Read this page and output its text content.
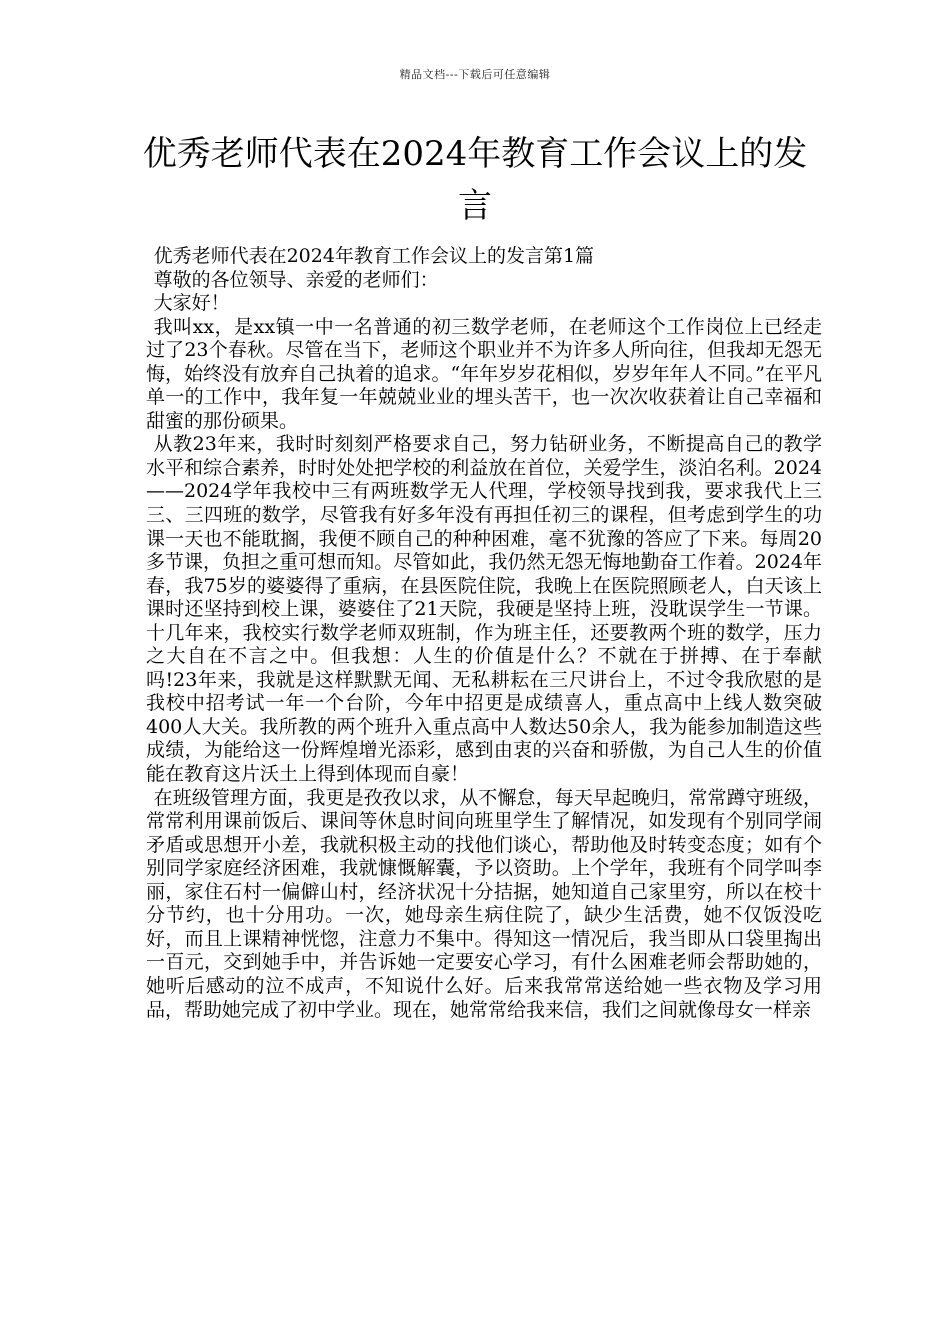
精品文档---下载后可任意编辑
优秀老师代表在2024年教育工作会议上的发言

优秀老师代表在2024年教育工作会议上的发言第1篇

尊敬的各位领导、亲爱的老师们：

大家好！

我叫xx，是xx镇一中一名普通的初三数学老师，在老师这个工作岗位上已经走过了23个春秋。尽管在当下，老师这个职业并不为许多人所向往，但我却无怨无悔，始终没有放弃自己执着的追求。“年年岁岁花相似，岁岁年年人不同。”在平凡单一的工作中，我年复一年兢兢业业的埋头苦干，也一次次收获着让自己幸福和甜蜜的那份硕果。

从教23年来，我时时刻刻严格要求自己，努力钻研业务，不断提高自己的教学水平和综合素养，时时处处把学校的利益放在首位，关爱学生，淡泊名利。2024——2024学年我校中三有两班数学无人代理，学校领导找到我，要求我代上三三、三四班的数学，尽管我有好多年没有再担任初三的课程，但考虑到学生的功课一天也不能耽搁，我便不顾自己的种种困难，毫不犹豫的答应了下来。每周20多节课，负担之重可想而知。尽管如此，我仍然无怨无悔地勤奋工作着。2024年春，我75岁的婆婆得了重病，在县医院住院，我晚上在医院照顾老人，白天该上课时还坚持到校上课，婆婆住了21天院，我硬是坚持上班，没耽误学生一节课。十几年来，我校实行数学老师双班制，作为班主任，还要教两个班的数学，压力之大自在不言之中。但我想：人生的价值是什么？不就在于拼搏、在于奉献吗!23年来，我就是这样默默无闻、无私耕耘在三尺讲台上，不过令我欣慰的是我校中招考试一年一个台阶，今年中招更是成绩喜人，重点高中上线人数突破400人大关。我所教的两个班升入重点高中人数达50余人，我为能参加制造这些成绩，为能给这一份辉煌增光添彩，感到由衷的兴奋和骄傲，为自己人生的价值能在教育这片沃土上得到体现而自豪！

在班级管理方面，我更是孜孜以求，从不懈怠，每天早起晚归，常常蹲守班级，常常利用课前饭后、课间等休息时间向班里学生了解情况，如发现有个别同学闹矛盾或思想开小差，我就积极主动的找他们谈心，帮助他及时转变态度；如有个别同学家庭经济困难，我就慷慨解囊，予以资助。上个学年，我班有个同学叫李丽，家住石村一偏僻山村，经济状况十分拮据，她知道自己家里穷，所以在校十分节约，也十分用功。一次，她母亲生病住院了，缺少生活费，她不仅饭没吃好，而且上课精神恍惚，注意力不集中。得知这一情况后，我当即从口袋里掏出一百元，交到她手中，并告诉她一定要安心学习，有什么困难老师会帮助她的，她听后感动的泣不成声，不知说什么好。后来我常常送给她一些衣物及学习用品，帮助她完成了初中学业。现在，她常常给我来信，我们之间就像母女一样亲
